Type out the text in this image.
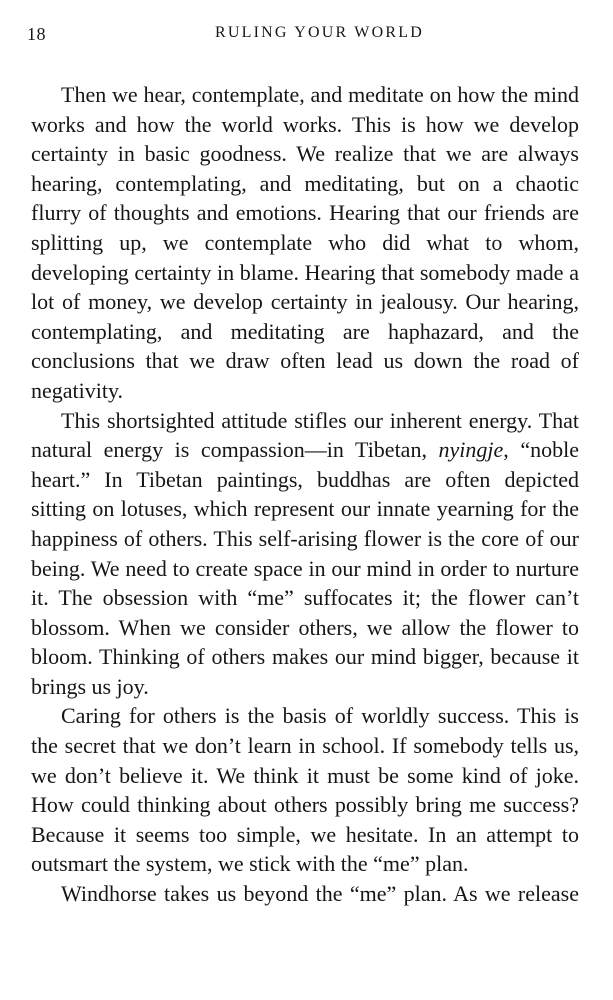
18	RULING YOUR WORLD

Then we hear, contemplate, and meditate on how the mind works and how the world works. This is how we develop certainty in basic goodness. We realize that we are always hearing, contemplating, and meditating, but on a chaotic flurry of thoughts and emotions. Hearing that our friends are splitting up, we contemplate who did what to whom, developing certainty in blame. Hearing that somebody made a lot of money, we develop certainty in jealousy. Our hearing, contemplating, and meditating are haphazard, and the conclusions that we draw often lead us down the road of negativity.

This shortsighted attitude stifles our inherent energy. That natural energy is compassion—in Tibetan, nyingje, “noble heart.” In Tibetan paintings, buddhas are often depicted sitting on lotuses, which represent our innate yearning for the happiness of others. This self-arising flower is the core of our being. We need to create space in our mind in order to nurture it. The obsession with “me” suffocates it; the flower can’t blossom. When we consider others, we allow the flower to bloom. Thinking of others makes our mind bigger, because it brings us joy.

Caring for others is the basis of worldly success. This is the secret that we don’t learn in school. If somebody tells us, we don’t believe it. We think it must be some kind of joke. How could thinking about others possibly bring me success? Because it seems too simple, we hesitate. In an attempt to outsmart the system, we stick with the “me” plan.

Windhorse takes us beyond the “me” plan. As we release
